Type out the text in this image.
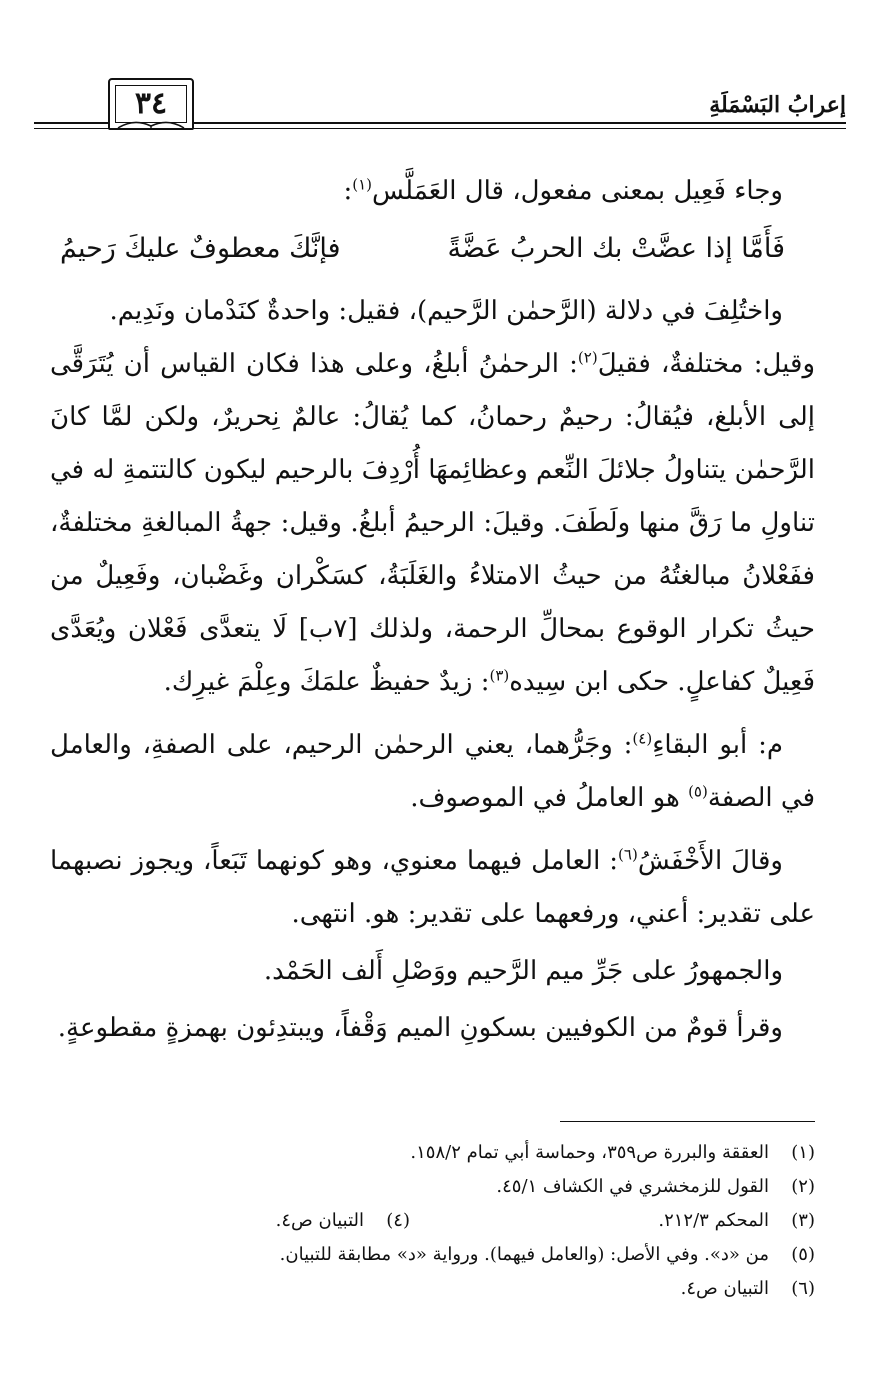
إعرابُ البَسْمَلَةِ
٣٤

وجاء فَعِيل بمعنى مفعول، قال العَمَلَّس$^{(١)}$:

فَأَمَّا إذا عضَّتْ بك الحربُ عَضَّةً
فإنَّكَ معطوفٌ عليكَ رَحيمُ

واختُلِفَ في دلالة (الرَّحمٰن الرَّحيم)، فقيل: واحدةٌ كنَدْمان ونَدِيم.

وقيل: مختلفةٌ، فقيلَ$^{(٢)}$: الرحمٰنُ أبلغُ، وعلى هذا فكان القياس أن يُتَرَقَّى إلى الأبلغ، فيُقالُ: رحيمٌ رحمانُ، كما يُقالُ: عالمٌ نِحريرٌ، ولكن لمَّا كانَ الرَّحمٰن يتناولُ جلائلَ النِّعم وعظائِمهَا أُرْدِفَ بالرحيم ليكون كالتتمةِ له في تناولِ ما رَقَّ منها ولَطَفَ. وقيلَ: الرحيمُ أبلغُ. وقيل: جهةُ المبالغةِ مختلفةٌ، ففَعْلانُ مبالغتُهُ من حيثُ الامتلاءُ والغَلَبَةُ، كسَكْران وغَضْبان، وفَعِيلٌ من حيثُ تكرار الوقوع بمحالِّ الرحمة، ولذلك [٧ب] لَا يتعدَّى فَعْلان ويُعَدَّى فَعِيلٌ كفاعلٍ. حكى ابن سِيده$^{(٣)}$: زيدٌ حفيظٌ علمَكَ وعِلْمَ غيرِك.

م: أبو البقاءِ$^{(٤)}$: وجَرُّهما، يعني الرحمٰن الرحيم، على الصفةِ، والعامل في الصفة$^{(٥)}$ هو العاملُ في الموصوف.

وقالَ الأَخْفَشُ$^{(٦)}$: العامل فيهما معنوي، وهو كونهما تَبَعاً، ويجوز نصبهما على تقدير: أعني، ورفعهما على تقدير: هو. انتهى.

والجمهورُ على جَرِّ ميم الرَّحيم ووَصْلِ أَلف الحَمْد.

وقرأ قومٌ من الكوفيين بسكونِ الميم وَقْفاً، ويبتدِئون بهمزةٍ مقطوعةٍ.

(١)
العققة والبررة ص٣٥٩، وحماسة أبي تمام ١٥٨/٢.

(٢)
القول للزمخشري في الكشاف ٤٥/١.

(٣)
المحكم ٢١٢/٣.

(٤)
التبيان ص٤.

(٥)
من «د». وفي الأصل: (والعامل فيهما). ورواية «د» مطابقة للتبيان.

(٦)
التبيان ص٤.
